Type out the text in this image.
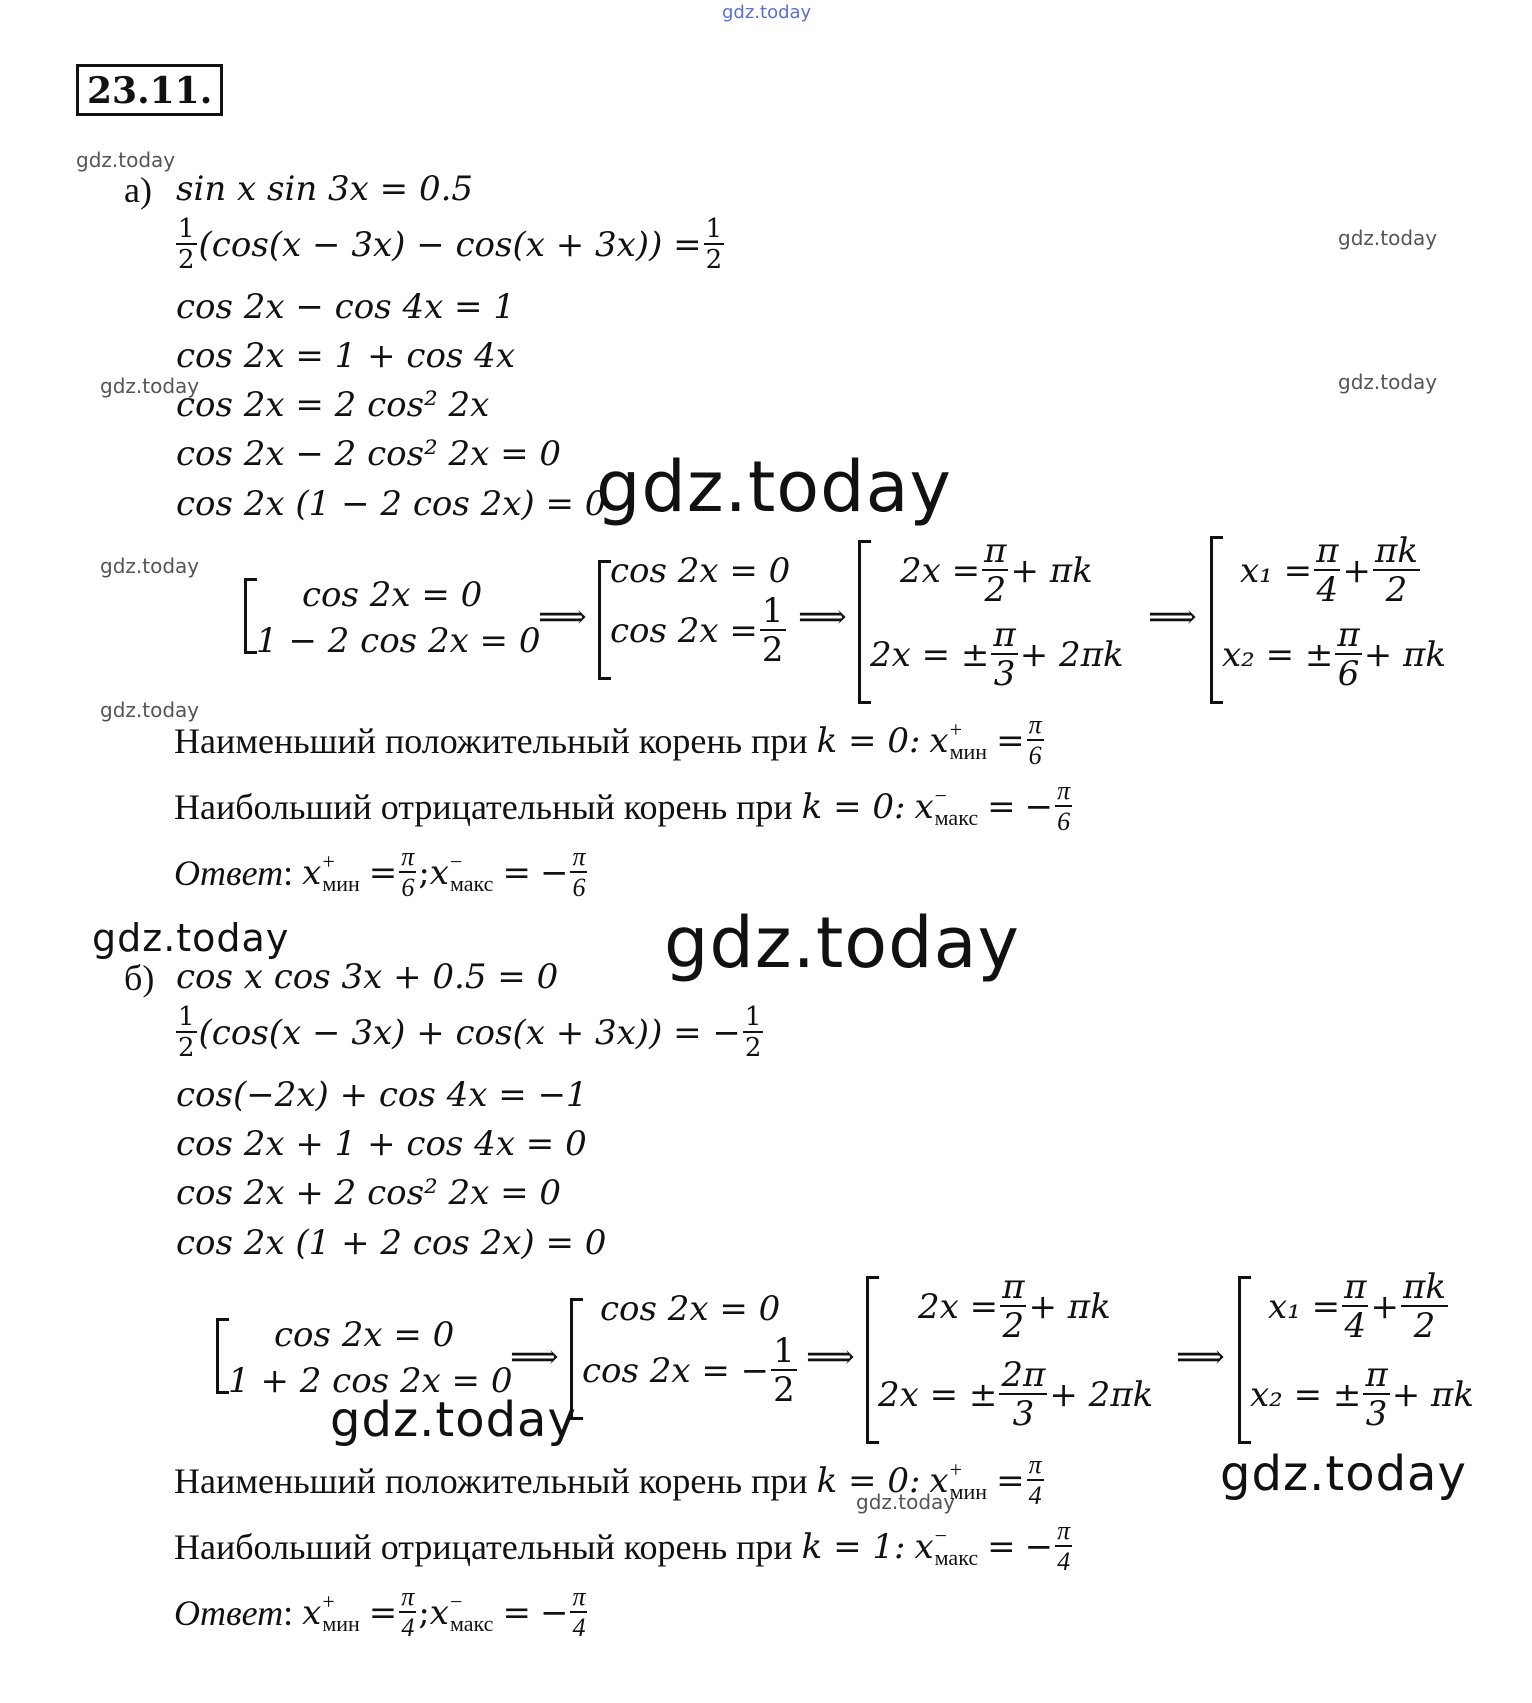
gdz.today
23.11.
gdz.today
gdz.today
gdz.today	gdz.today
gdz.today
gdz.today
gdz.today
gdz.today
gdz.today	gdz.today
gdz.today
gdz.today
а) sin x sin 3x = 0.5
$\frac{1}{2} (\cos(x - 3x) - \cos(x + 3x)) = \frac{1}{2}$
cos 2x − cos 4x = 1
cos 2x = 1 + cos 4x
cos 2x = 2 cos² 2x
cos 2x − 2 cos² 2x = 0
cos 2x (1 − 2 cos 2x) = 0
cos 2x = 0
1 − 2 cos 2x = 0
⟹
cos 2x = 0
$\cos 2x = \frac{1}{2}$ ⟹
$2x = \frac{\pi}{2} + \pi k$
2x = ± $\frac{\pi}{3} + 2\pi k$
⟹
$x_1 = \frac{\pi}{4} + \frac{\pi k}{2}$
x₂ = ± $\frac{\pi}{6} + \pi k$
Наименьший положительный корень при
k = 0:
x +
мин
= $\frac{\pi}{6}$
Наибольший отрицательный корень при
k = 0:
x −
макс
=
− $\frac{\pi}{6}$
Ответ :
x +
мин
= $\frac{\pi}{6}$ ; x −
макс
=
− $\frac{\pi}{6}$
б) cos x cos 3x + 0.5 = 0
$\frac{1}{2} (\cos(x - 3x) + \cos(x + 3x))$ = − $\frac{1}{2}$
cos(−2x) + cos 4x = −1
cos 2x + 1 + cos 4x = 0
cos 2x + 2 cos² 2x = 0
cos 2x (1 + 2 cos 2x) = 0
cos 2x = 0
1 + 2 cos 2x = 0
⟹
cos 2x = 0
cos 2x = − $\frac{1}{2}$ ⟹
$2x = \frac{\pi}{2} + \pi k$
2x = ± $\frac{2\pi}{3} + 2\pi k$
⟹
$x_1 = \frac{\pi}{4} + \frac{\pi k}{2}$
x₂ = ± $\frac{\pi}{3} + \pi k$
Наименьший положительный корень при
k = 0:
x +
мин
= $\frac{\pi}{4}$
Наибольший отрицательный корень при
k = 1:
x −
макс
=
− $\frac{\pi}{4}$
Ответ :
x +
мин
= $\frac{\pi}{4}$ ; x −
макс
=
− $\frac{\pi}{4}$
